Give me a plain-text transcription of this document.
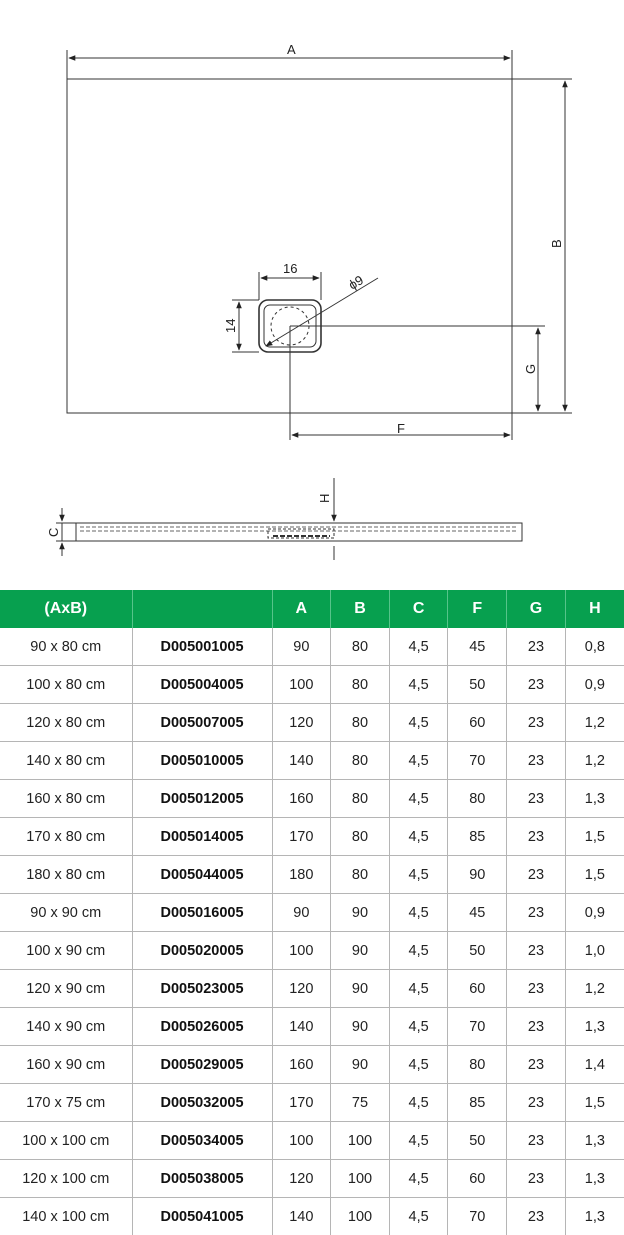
A
B
16
14
ϕ9
F
G
H
C
(AxB)		A	B	C	F	G	H
90 x 80 cm	D005001005	90	80	4,5	45	23	0,8
100 x 80 cm	D005004005	100	80	4,5	50	23	0,9
120 x 80 cm	D005007005	120	80	4,5	60	23	1,2
140 x 80 cm	D005010005	140	80	4,5	70	23	1,2
160 x 80 cm	D005012005	160	80	4,5	80	23	1,3
170 x 80 cm	D005014005	170	80	4,5	85	23	1,5
180 x 80 cm	D005044005	180	80	4,5	90	23	1,5
90 x 90 cm	D005016005	90	90	4,5	45	23	0,9
100 x 90 cm	D005020005	100	90	4,5	50	23	1,0
120 x 90 cm	D005023005	120	90	4,5	60	23	1,2
140 x 90 cm	D005026005	140	90	4,5	70	23	1,3
160 x 90 cm	D005029005	160	90	4,5	80	23	1,4
170 x 75 cm	D005032005	170	75	4,5	85	23	1,5
100 x 100 cm	D005034005	100	100	4,5	50	23	1,3
120 x 100 cm	D005038005	120	100	4,5	60	23	1,3
140 x 100 cm	D005041005	140	100	4,5	70	23	1,3
